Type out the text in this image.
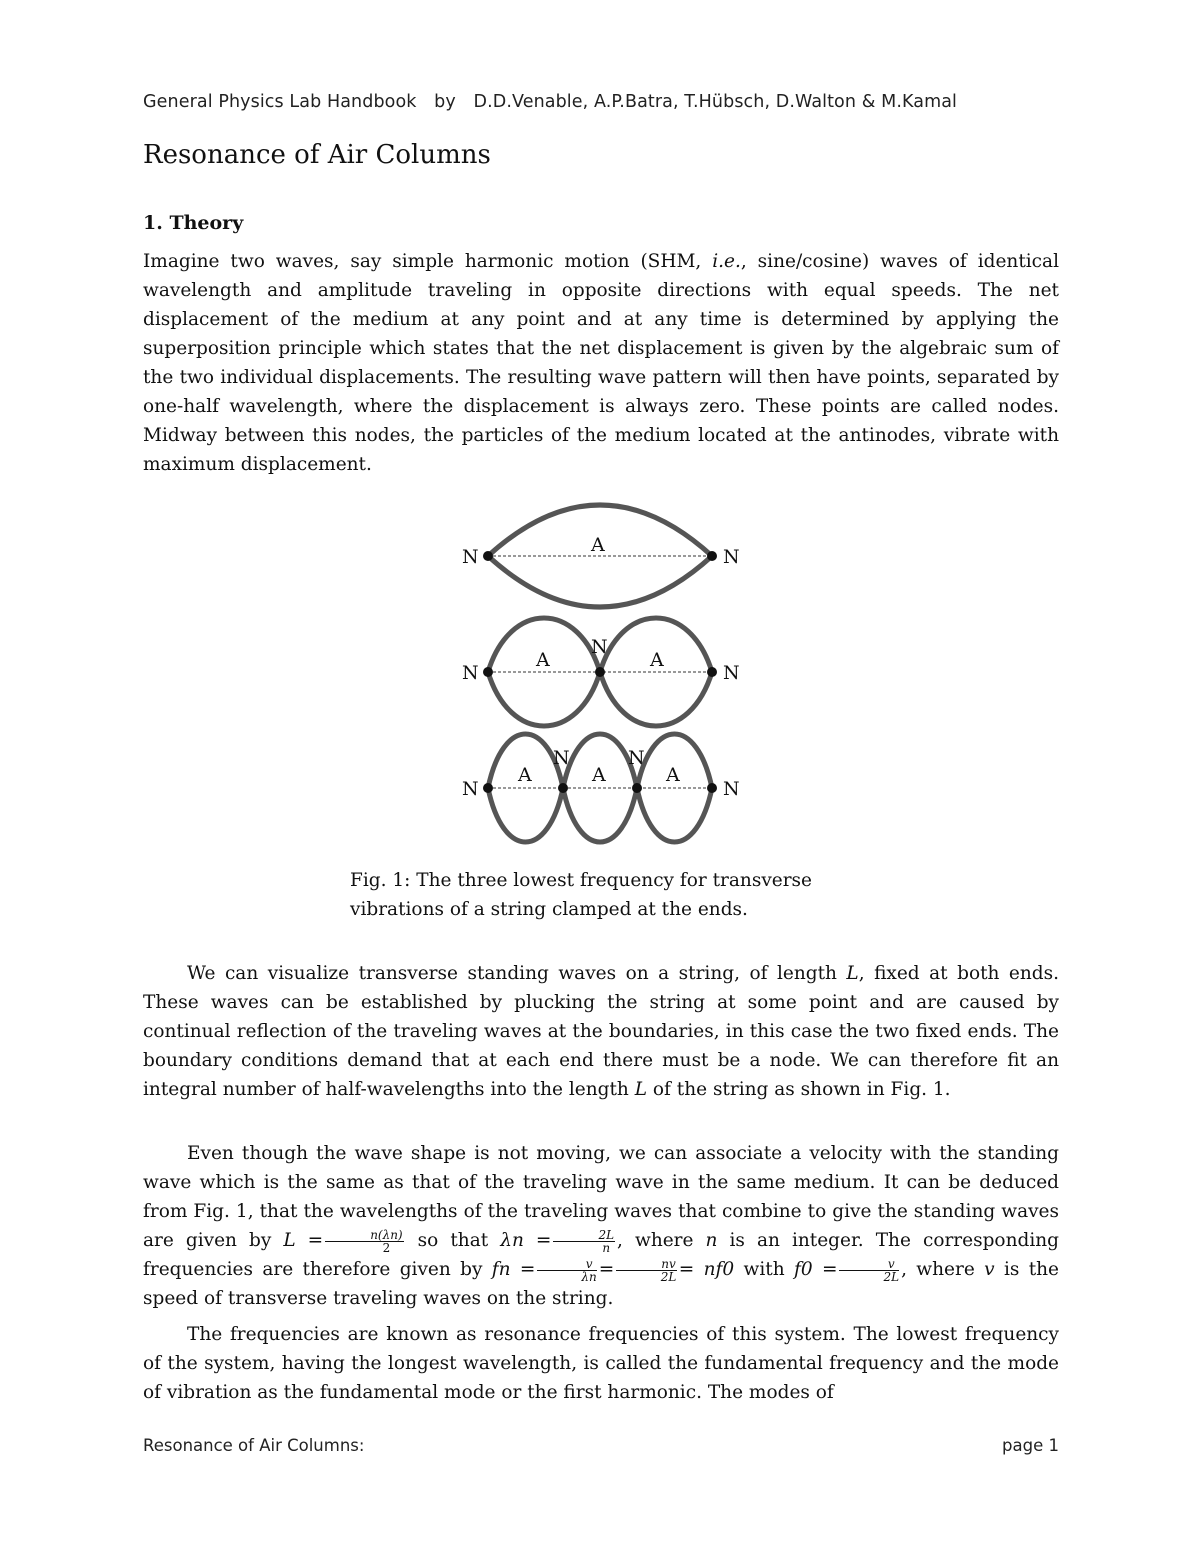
General Physics Lab Handbook by D.D.Venable, A.P.Batra, T.Hübsch, D.Walton & M.Kamal
Resonance of Air Columns
1. Theory

Imagine two waves, say simple harmonic motion (SHM, i.e., sine/cosine) waves of identical wavelength and amplitude traveling in opposite directions with equal speeds. The net displacement of the medium at any point and at any time is determined by applying the superposition principle which states that the net displacement is given by the algebraic sum of the two individual displacements. The resulting wave pattern will then have points, separated by one-half wavelength, where the displacement is always zero. These points are called nodes. Midway between this nodes, the particles of the medium located at the antinodes, vibrate with maximum displacement.

N	N
A
N
N
N
A	A
N
N	N
N
A	A	A

Fig. 1: The three lowest frequency for transverse
vibrations of a string clamped at the ends.

We can visualize transverse standing waves on a string, of length L, fixed at both ends. These waves can be established by plucking the string at some point and are caused by continual reflection of the traveling waves at the boundaries, in this case the two fixed ends. The boundary conditions demand that at each end there must be a node. We can therefore fit an integral number of half-wavelengths into the length L of the string as shown in Fig. 1.

Even though the wave shape is not moving, we can associate a velocity with the standing wave which is the same as that of the traveling wave in the same medium. It can be deduced from Fig. 1, that the wavelengths of the traveling waves that combine to give the standing waves are given by $L = \frac{n(\lambda n)}{2}$ so that $\lambda n = \frac{2L}{n}$ , where n is an integer. The corresponding frequencies are therefore given by fn = $\frac{v}{\lambda n} = \frac{nv}{2L} = nf0$ with $f0 = \frac{v}{2L}$ , where v is the speed of transverse traveling waves on the string.

The frequencies are known as resonance frequencies of this system. The lowest frequency of the system, having the longest wavelength, is called the fundamental frequency and the mode of vibration as the fundamental mode or the first harmonic. The modes of

Resonance of Air Columns:	page 1
